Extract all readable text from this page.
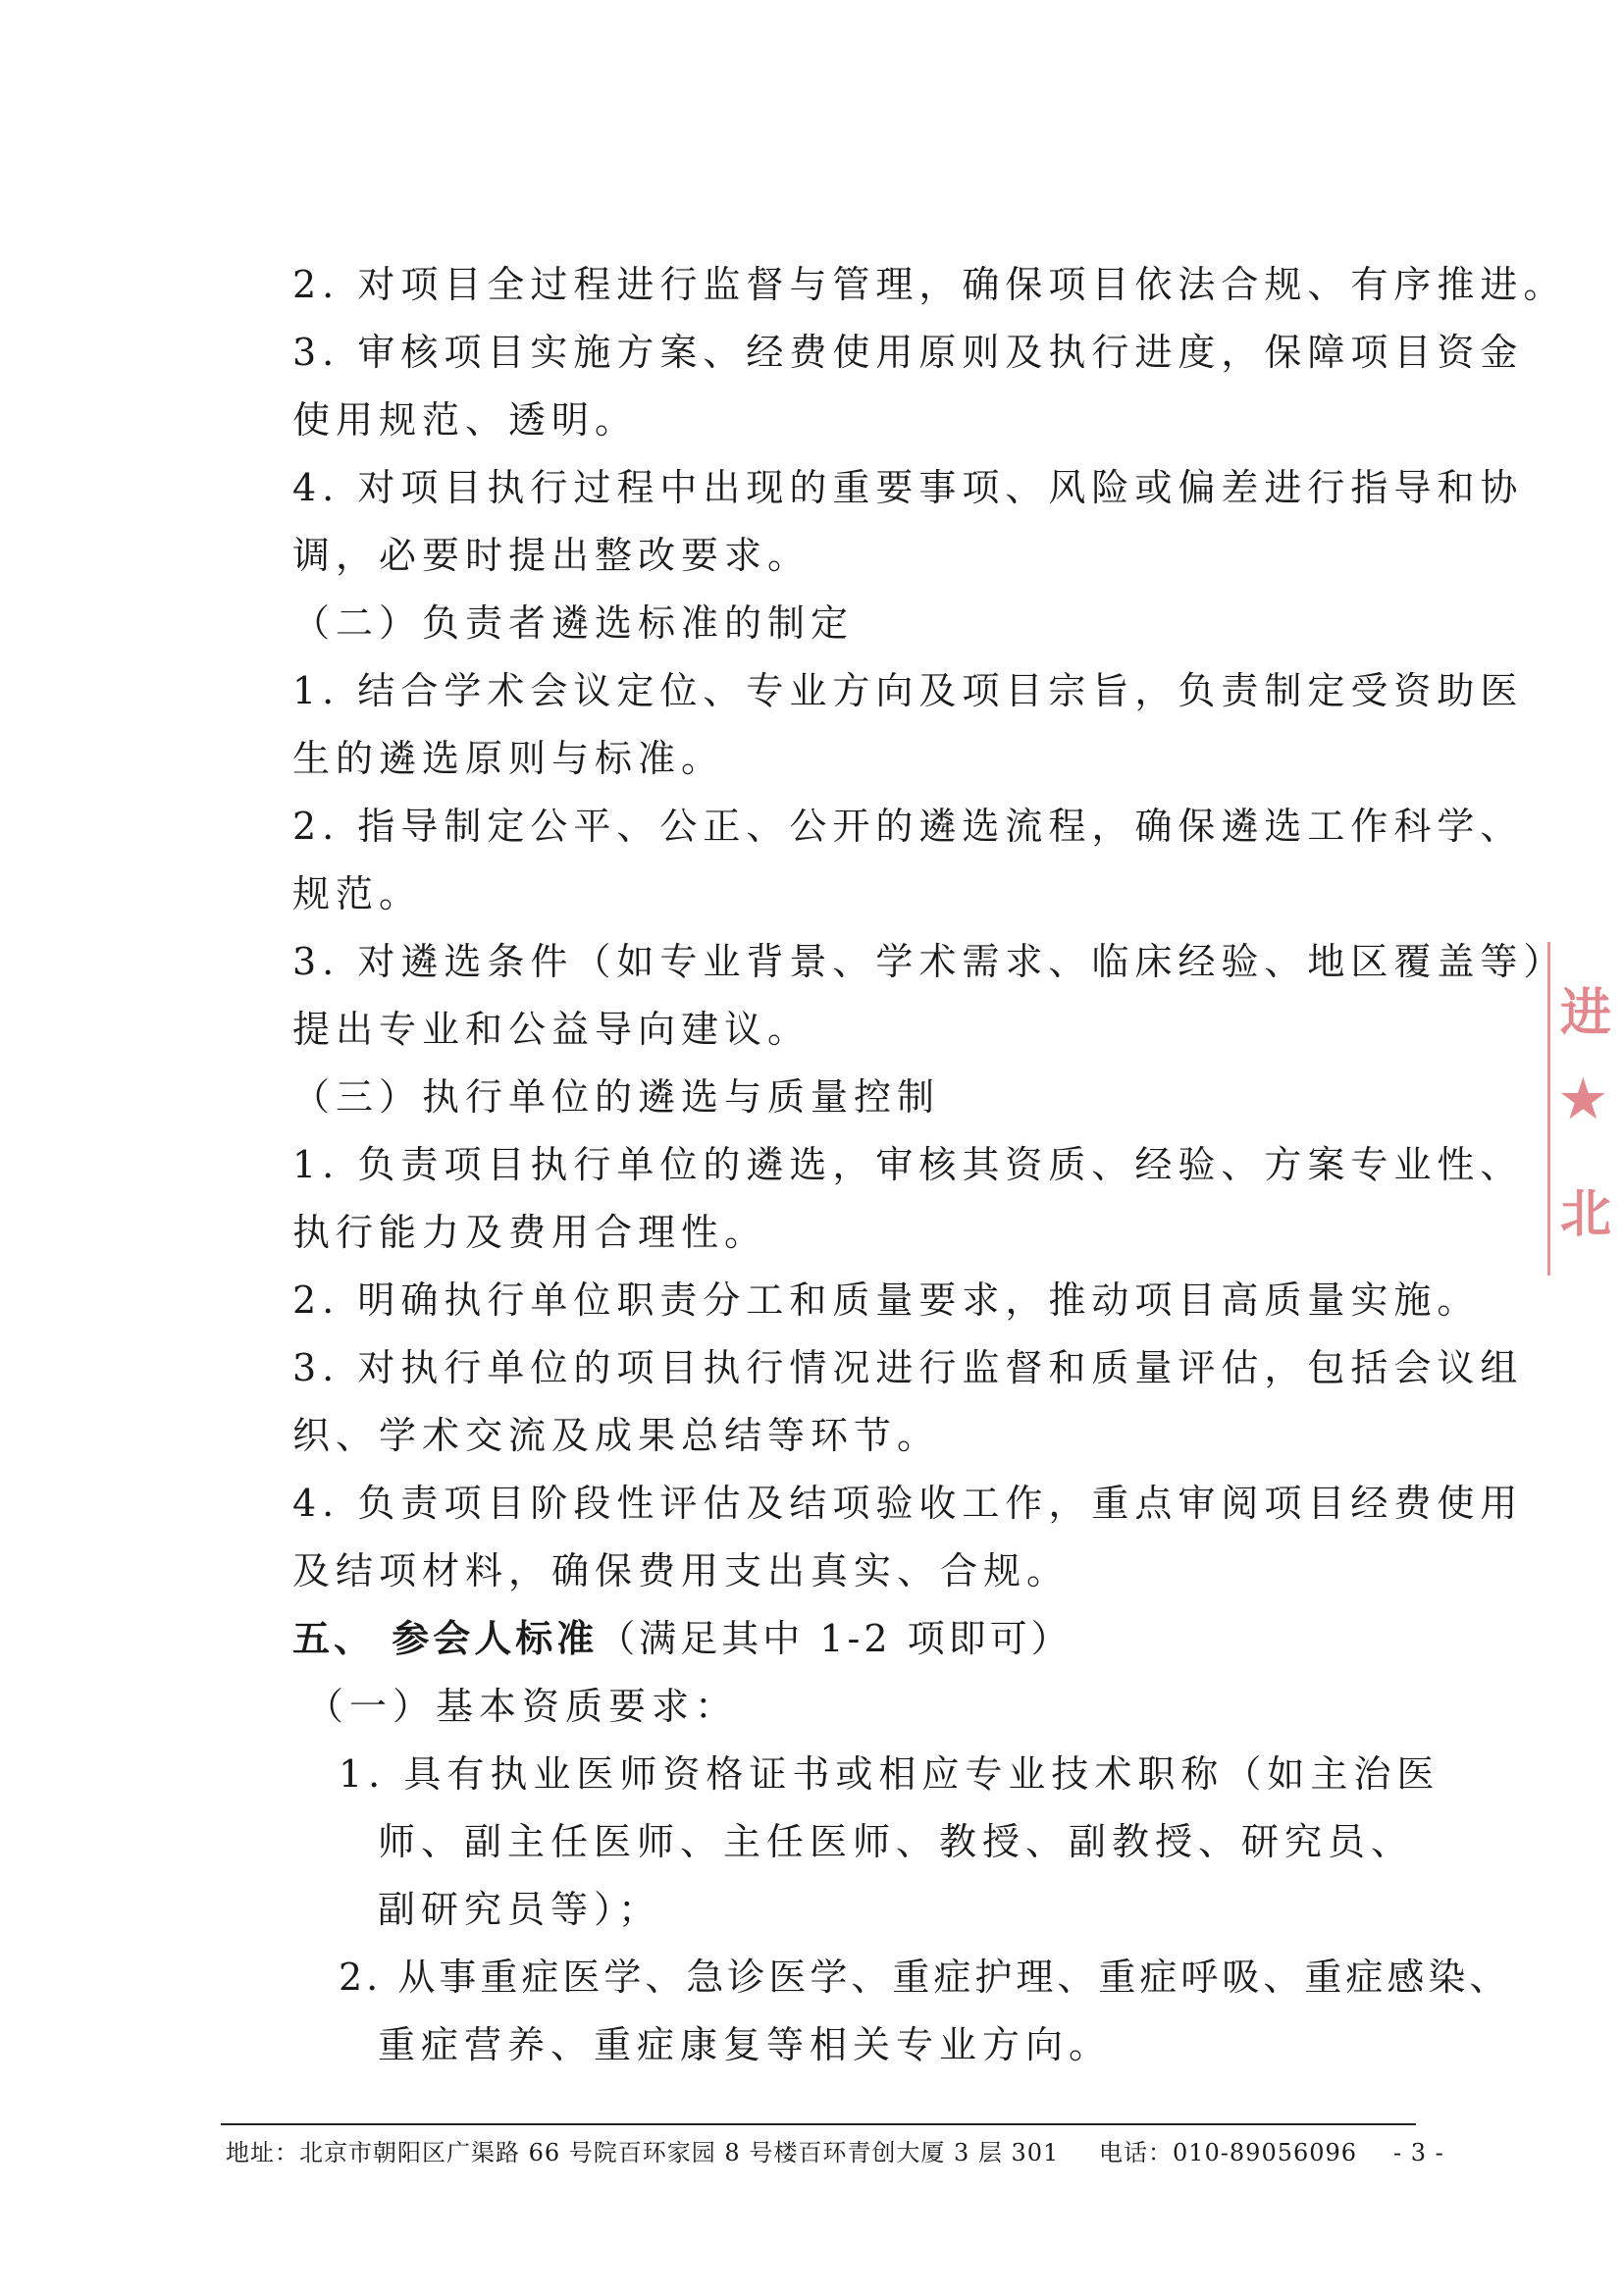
2. 对项目全过程进行监督与管理，确保项目依法合规、有序推进。
3. 审核项目实施方案、经费使用原则及执行进度，保障项目资金
使用规范、透明。
4. 对项目执行过程中出现的重要事项、风险或偏差进行指导和协
调，必要时提出整改要求。
（二）负责者遴选标准的制定
1. 结合学术会议定位、专业方向及项目宗旨，负责制定受资助医
生的遴选原则与标准。
2. 指导制定公平、公正、公开的遴选流程，确保遴选工作科学、
规范。
3. 对遴选条件（如专业背景、学术需求、临床经验、地区覆盖等）
提出专业和公益导向建议。
（三）执行单位的遴选与质量控制
1. 负责项目执行单位的遴选，审核其资质、经验、方案专业性、
执行能力及费用合理性。
2. 明确执行单位职责分工和质量要求，推动项目高质量实施。
3. 对执行单位的项目执行情况进行监督和质量评估，包括会议组
织、学术交流及成果总结等环节。
4. 负责项目阶段性评估及结项验收工作，重点审阅项目经费使用
及结项材料，确保费用支出真实、合规。
五、 参会人标准（满足其中 1-2 项即可）
（一）基本资质要求：
1. 具有执业医师资格证书或相应专业技术职称（如主治医
师、副主任医师、主任医师、教授、副教授、研究员、
副研究员等）；
2. 从事重症医学、急诊医学、重症护理、重症呼吸、重症感染、
重症营养、重症康复等相关专业方向。
地址：北京市朝阳区广渠路 66 号院百环家园 8 号楼百环青创大厦 3 层 301 电话：010-89056096 - 3 -
进
★
北
